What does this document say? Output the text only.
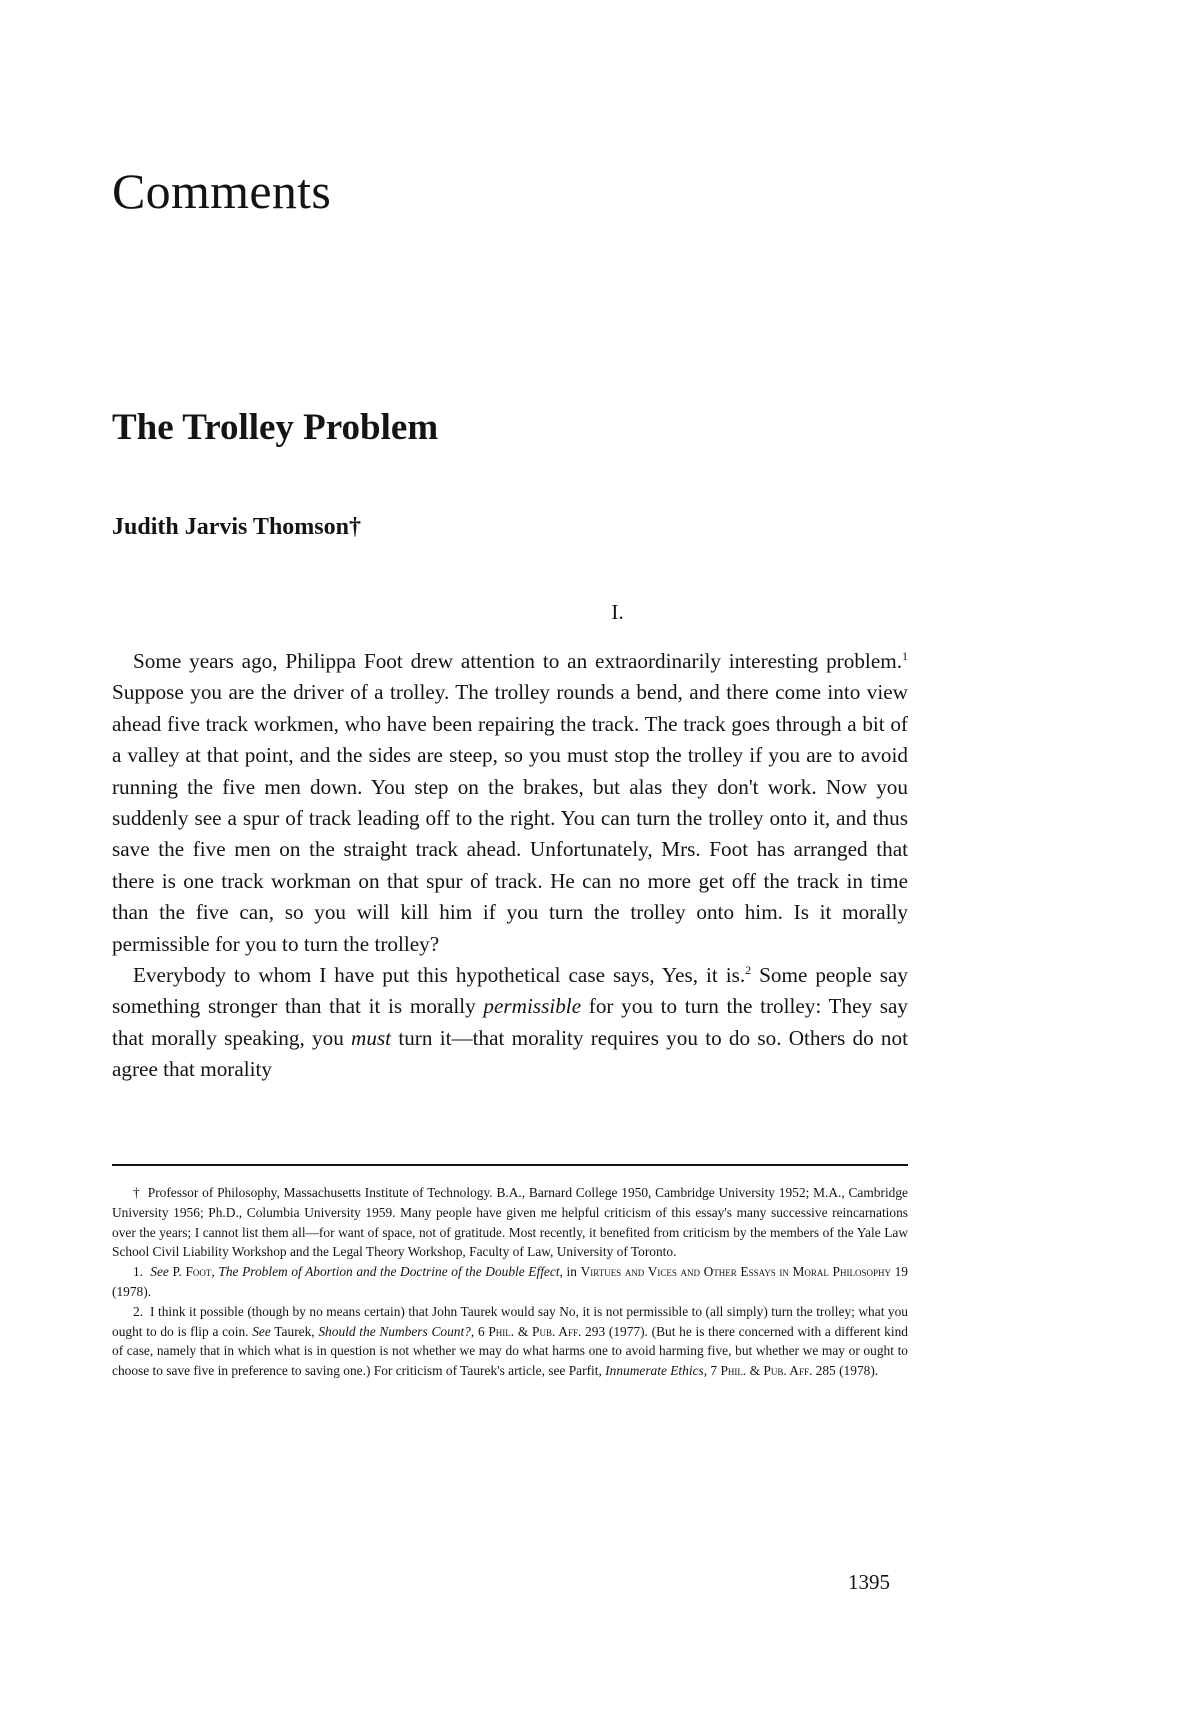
Comments
The Trolley Problem
Judith Jarvis Thomson†
I.

Some years ago, Philippa Foot drew attention to an extraordinarily interesting problem.$^1$ Suppose you are the driver of a trolley. The trolley rounds a bend, and there come into view ahead five track workmen, who have been repairing the track. The track goes through a bit of a valley at that point, and the sides are steep, so you must stop the trolley if you are to avoid running the five men down. You step on the brakes, but alas they don't work. Now you suddenly see a spur of track leading off to the right. You can turn the trolley onto it, and thus save the five men on the straight track ahead. Unfortunately, Mrs. Foot has arranged that there is one track workman on that spur of track. He can no more get off the track in time than the five can, so you will kill him if you turn the trolley onto him. Is it morally permissible for you to turn the trolley?

Everybody to whom I have put this hypothetical case says, Yes, it is.$^2$ Some people say something stronger than that it is morally permissible for you to turn the trolley: They say that morally speaking, you must turn it—that morality requires you to do so. Others do not agree that morality

† Professor of Philosophy, Massachusetts Institute of Technology. B.A., Barnard College 1950, Cambridge University 1952; M.A., Cambridge University 1956; Ph.D., Columbia University 1959. Many people have given me helpful criticism of this essay's many successive reincarnations over the years; I cannot list them all—for want of space, not of gratitude. Most recently, it benefited from criticism by the members of the Yale Law School Civil Liability Workshop and the Legal Theory Workshop, Faculty of Law, University of Toronto.

1. See P. Foot, The Problem of Abortion and the Doctrine of the Double Effect, in Virtues and Vices and Other Essays in Moral Philosophy 19 (1978).

2. I think it possible (though by no means certain) that John Taurek would say No, it is not permissible to (all simply) turn the trolley; what you ought to do is flip a coin. See Taurek, Should the Numbers Count?, 6 Phil. & Pub. Aff. 293 (1977). (But he is there concerned with a different kind of case, namely that in which what is in question is not whether we may do what harms one to avoid harming five, but whether we may or ought to choose to save five in preference to saving one.) For criticism of Taurek's article, see Parfit, Innumerate Ethics, 7 Phil. & Pub. Aff. 285 (1978).

1395
